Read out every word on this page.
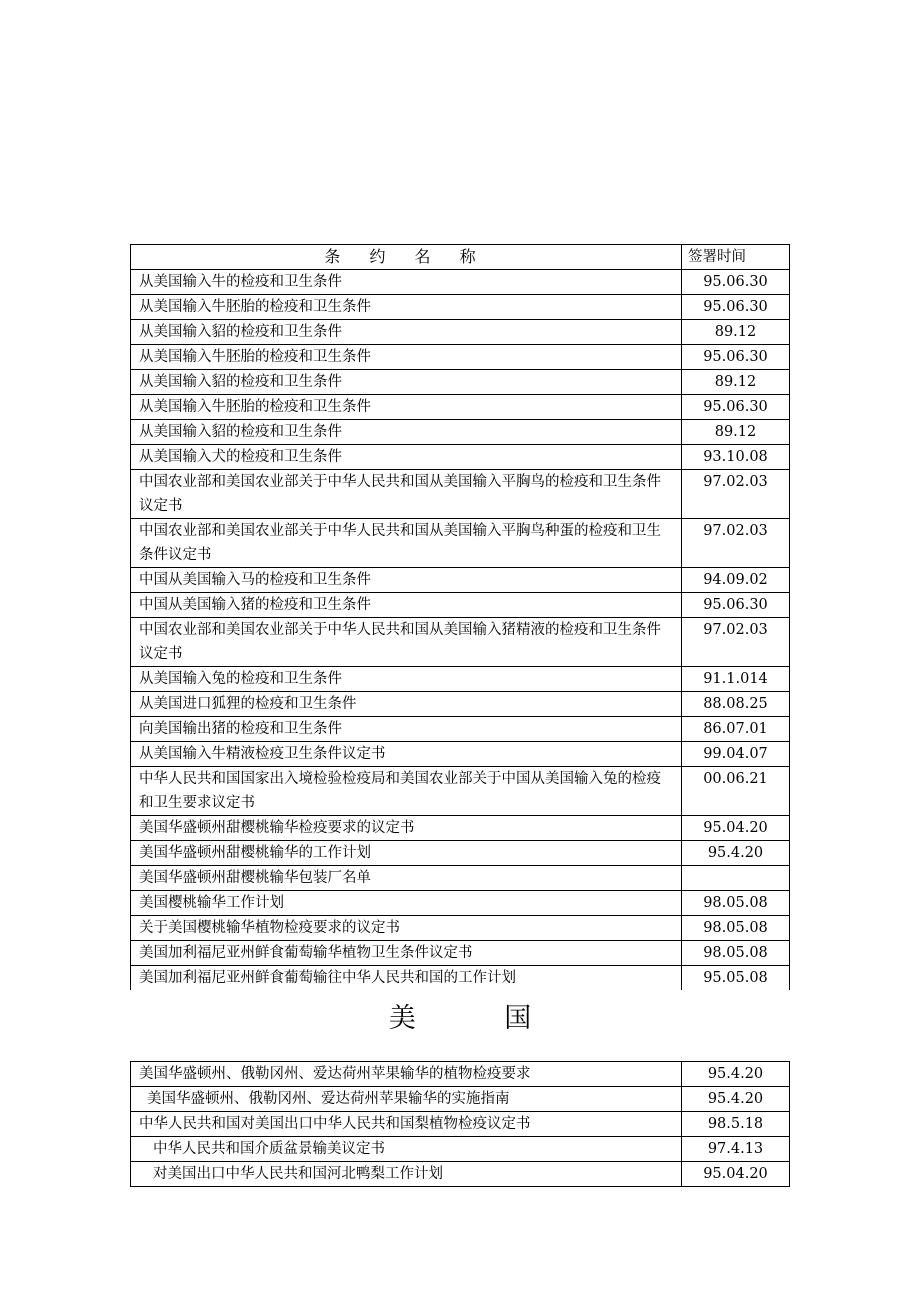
条 约 名 称	签署时间
从美国输入牛的检疫和卫生条件	95.06.30
从美国输入牛胚胎的检疫和卫生条件	95.06.30
从美国输入貂的检疫和卫生条件	89.12
从美国输入牛胚胎的检疫和卫生条件	95.06.30
从美国输入貂的检疫和卫生条件	89.12
从美国输入牛胚胎的检疫和卫生条件	95.06.30
从美国输入貂的检疫和卫生条件	89.12
从美国输入犬的检疫和卫生条件	93.10.08
中国农业部和美国农业部关于中华人民共和国从美国输入平胸鸟的检疫和卫生条件议定书	97.02.03
中国农业部和美国农业部关于中华人民共和国从美国输入平胸鸟种蛋的检疫和卫生条件议定书	97.02.03
中国从美国输入马的检疫和卫生条件	94.09.02
中国从美国输入猪的检疫和卫生条件	95.06.30
中国农业部和美国农业部关于中华人民共和国从美国输入猪精液的检疫和卫生条件议定书	97.02.03
从美国输入兔的检疫和卫生条件	91.1.014
从美国进口狐狸的检疫和卫生条件	88.08.25
向美国输出猪的检疫和卫生条件	86.07.01
从美国输入牛精液检疫卫生条件议定书	99.04.07
中华人民共和国国家出入境检验检疫局和美国农业部关于中国从美国输入兔的检疫和卫生要求议定书	00.06.21
美国华盛顿州甜樱桃输华检疫要求的议定书	95.04.20
美国华盛顿州甜樱桃输华的工作计划	95.4.20
美国华盛顿州甜樱桃输华包装厂名单	
美国樱桃输华工作计划	98.05.08
关于美国樱桃输华植物检疫要求的议定书	98.05.08
美国加利福尼亚州鲜食葡萄输华植物卫生条件议定书	98.05.08
美国加利福尼亚州鲜食葡萄输往中华人民共和国的工作计划	95.05.08
美 国
美国华盛顿州、俄勒冈州、爱达荷州苹果输华的植物检疫要求	95.4.20
美国华盛顿州、俄勒冈州、爱达荷州苹果输华的实施指南	95.4.20
中华人民共和国对美国出口中华人民共和国梨植物检疫议定书	98.5.18
中华人民共和国介质盆景输美议定书	97.4.13
对美国出口中华人民共和国河北鸭梨工作计划	95.04.20
